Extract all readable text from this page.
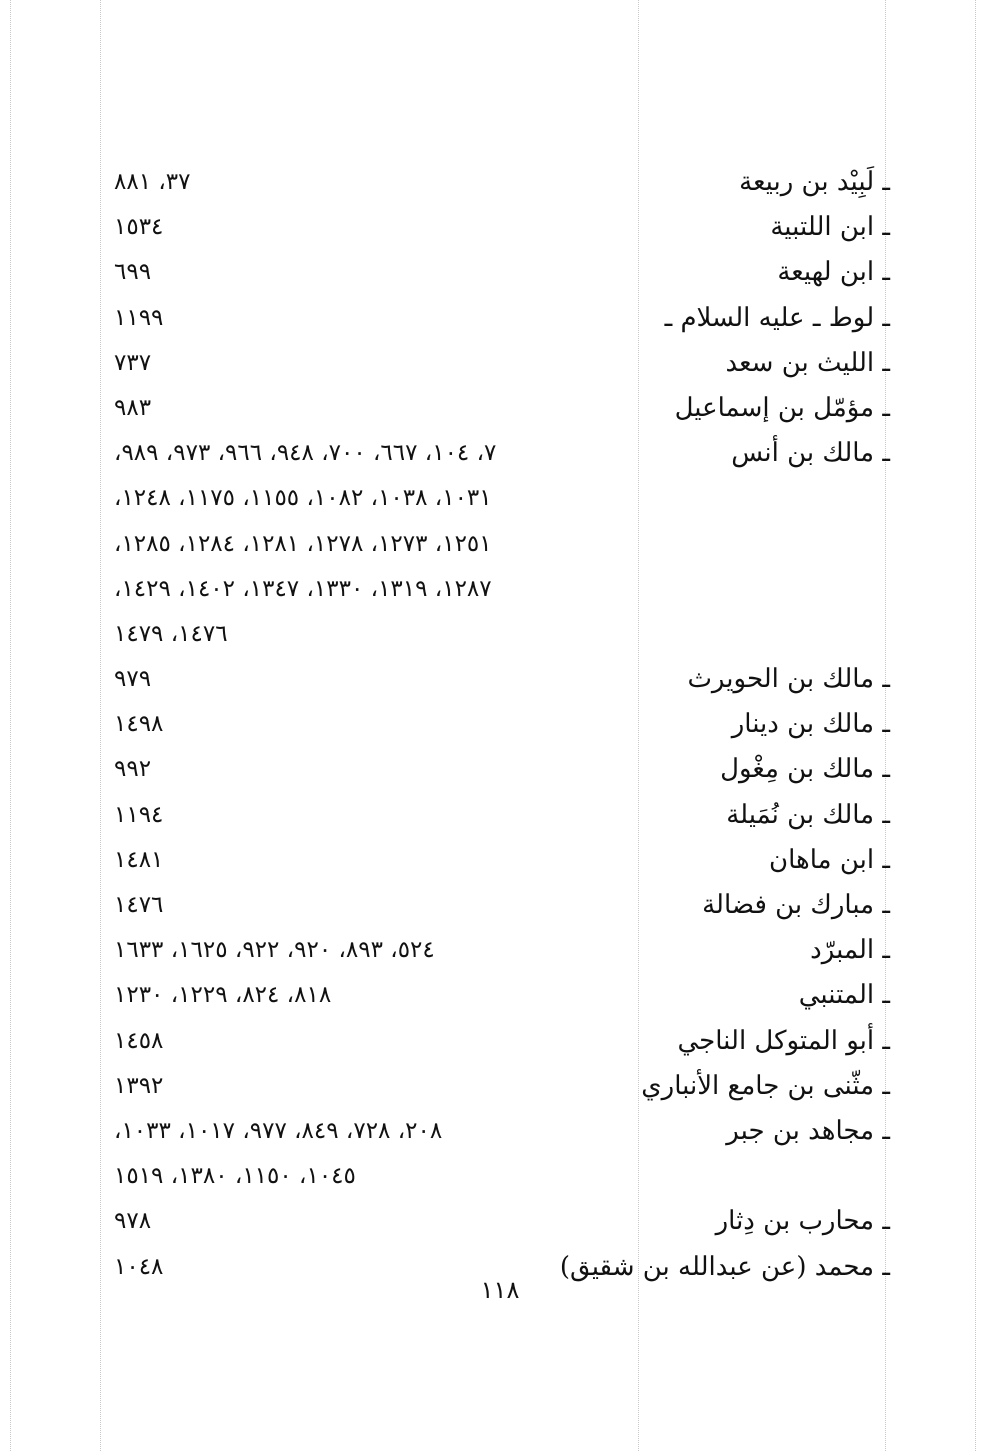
ـ لَبِيْد بن ربيعة
٣٧، ٨٨١
ـ ابن اللتبية
١٥٣٤
ـ ابن لهيعة
٦٩٩
ـ لوط ـ عليه السلام ـ
١١٩٩
ـ الليث بن سعد
٧٣٧
ـ مؤمّل بن إسماعيل
٩٨٣
ـ مالك بن أنس
٧، ١٠٤، ٦٦٧، ٧٠٠، ٩٤٨، ٩٦٦، ٩٧٣، ٩٨٩،
١٠٣١، ١٠٣٨، ١٠٨٢، ١١٥٥، ١١٧٥، ١٢٤٨،
١٢٥١، ١٢٧٣، ١٢٧٨، ١٢٨١، ١٢٨٤، ١٢٨٥،
١٢٨٧، ١٣١٩، ١٣٣٠، ١٣٤٧، ١٤٠٢، ١٤٢٩،
١٤٧٦، ١٤٧٩
ـ مالك بن الحويرث
٩٧٩
ـ مالك بن دينار
١٤٩٨
ـ مالك بن مِغْول
٩٩٢
ـ مالك بن نُمَيلة
١١٩٤
ـ ابن ماهان
١٤٨١
ـ مبارك بن فضالة
١٤٧٦
ـ المبرّد
٥٢٤، ٨٩٣، ٩٢٠، ٩٢٢، ١٦٢٥، ١٦٣٣
ـ المتنبي
٨١٨، ٨٢٤، ١٢٢٩، ١٢٣٠
ـ أبو المتوكل الناجي
١٤٥٨
ـ مثّنى بن جامع الأنباري
١٣٩٢
ـ مجاهد بن جبر
٢٠٨، ٧٢٨، ٨٤٩، ٩٧٧، ١٠١٧، ١٠٣٣،
١٠٤٥، ١١٥٠، ١٣٨٠، ١٥١٩
ـ محارب بن دِثار
٩٧٨
ـ محمد (عن عبدالله بن شقيق)
١٠٤٨
١١٨
